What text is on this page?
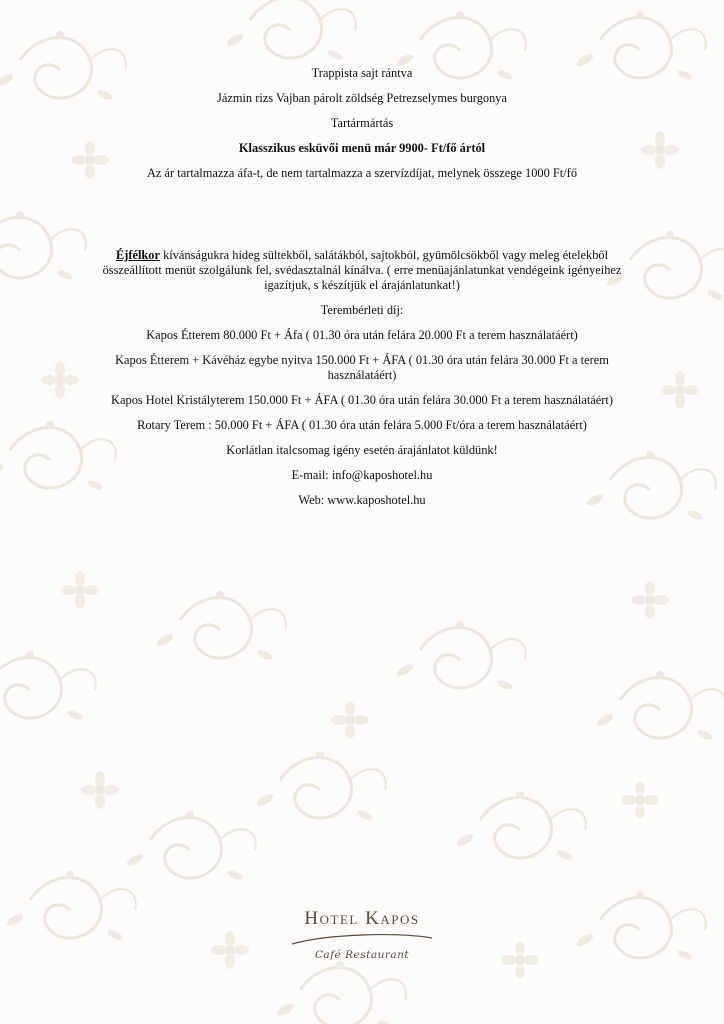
Trappista sajt rántva
Jázmin rizs Vajban párolt zöldség Petrezselymes burgonya
Tartármártás
Klasszikus esküvői menü már 9900- Ft/fő ártól
Az ár tartalmazza áfa-t, de nem tartalmazza a szervízdíjat, melynek összege 1000 Ft/fő
Éjfélkor kívánságukra hideg sültekből, salátákból, sajtokból, gyümölcsökből vagy meleg ételekből
összeállított menüt szolgálunk fel, svédasztalnál kínálva. ( erre menüajánlatunkat vendégeink igényeihez
igazítjuk, s készítjük el árajánlatunkat!)
Terembérleti díj:
Kapos Étterem 80.000 Ft + Áfa ( 01.30 óra után felára 20.000 Ft a terem használatáért)
Kapos Étterem + Kávéház egybe nyitva 150.000 Ft + ÁFA ( 01.30 óra után felára 30.000 Ft a terem
használatáért)
Kapos Hotel Kristályterem 150.000 Ft + ÁFA ( 01.30 óra után felára 30.000 Ft a terem használatáért)
Rotary Terem : 50.000 Ft + ÁFA ( 01.30 óra után felára 5.000 Ft/óra a terem használatáért)
Korlátlan italcsomag igény esetén árajánlatot küldünk!
E-mail: info@kaposhotel.hu
Web: www.kaposhotel.hu
Hotel Kapos
Café Restaurant
